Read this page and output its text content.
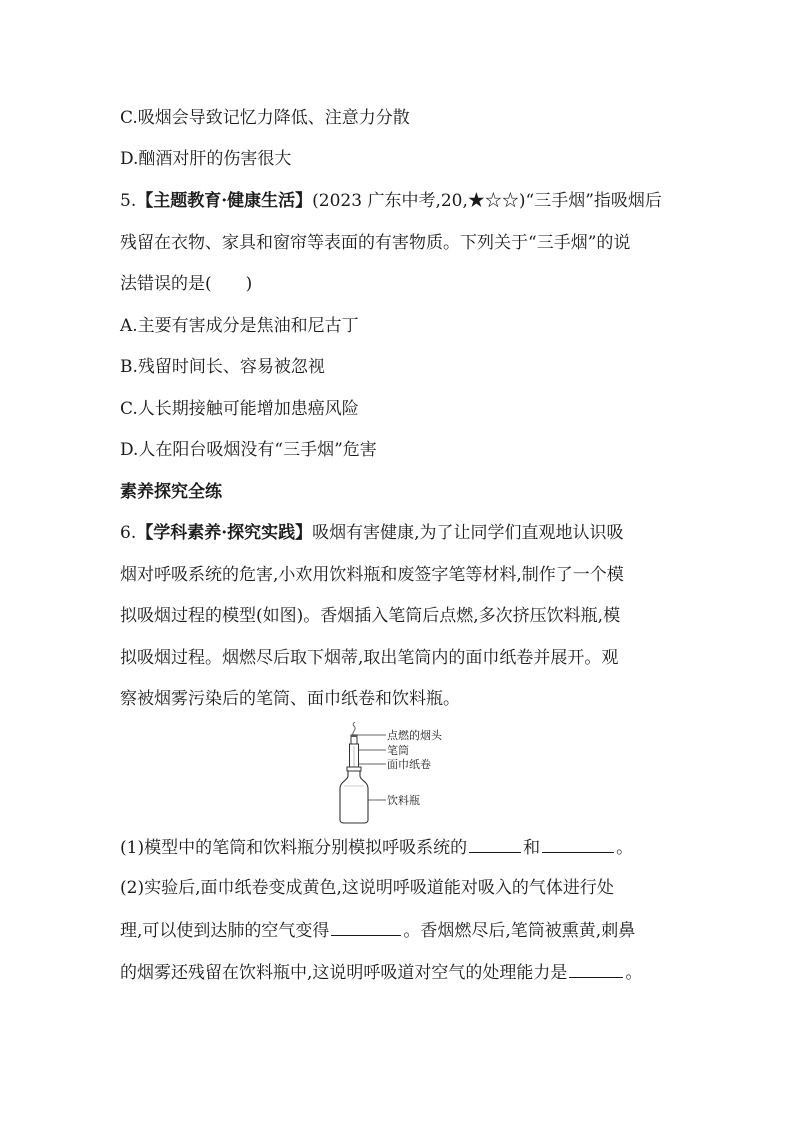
C.吸烟会导致记忆力降低、注意力分散
D.酗酒对肝的伤害很大
5.【主题教育·健康生活】(2023 广东中考,20,★☆☆)“三手烟”指吸烟后
残留在衣物、家具和窗帘等表面的有害物质。下列关于“三手烟”的说
法错误的是(　　)
A.主要有害成分是焦油和尼古丁
B.残留时间长、容易被忽视
C.人长期接触可能增加患癌风险
D.人在阳台吸烟没有“三手烟”危害
素养探究全练
6.【学科素养·探究实践】吸烟有害健康,为了让同学们直观地认识吸
烟对呼吸系统的危害,小欢用饮料瓶和废签字笔等材料,制作了一个模
拟吸烟过程的模型(如图)。香烟插入笔筒后点燃,多次挤压饮料瓶,模
拟吸烟过程。烟燃尽后取下烟蒂,取出笔筒内的面巾纸卷并展开。观
察被烟雾污染后的笔筒、面巾纸卷和饮料瓶。
点燃的烟头
笔筒
面巾纸卷
饮料瓶
(1)模型中的笔筒和饮料瓶分别模拟呼吸系统的	和	。
(2)实验后,面巾纸卷变成黄色,这说明呼吸道能对吸入的气体进行处
理,可以使到达肺的空气变得	。香烟燃尽后,笔筒被熏黄,刺鼻
的烟雾还残留在饮料瓶中,这说明呼吸道对空气的处理能力是	。
